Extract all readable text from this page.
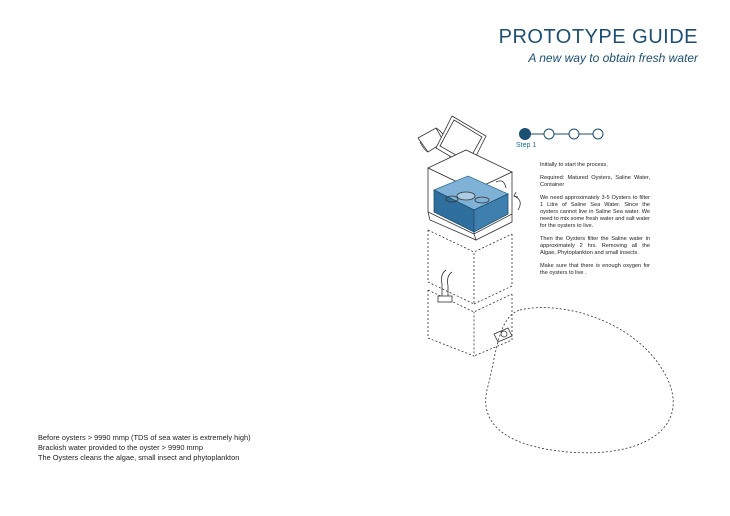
PROTOTYPE GUIDE
A new way to obtain fresh water
Step 1

Initially to start the process,

Required: Matured Oysters, Saline Water, Container

We need approximately 3-5 Oysters to filter 1 Litre of Saline Sea Water. Since the oysters cannot live in Saline Sea water. We need to mix some fresh water and salt water for the oysters to live.

Then the Oysters filter the Saline water in approximately 2 hrs. Removing all the Algae, Phytoplankton and small insects.

Make sure that there is enough oxygen for the oysters to live .

Before oysters > 9990 mmp (TDS of sea water is extremely high)
Brackish water provided to the oyster > 9990 mmp
The Oysters cleans the algae, small insect and phytoplankton
